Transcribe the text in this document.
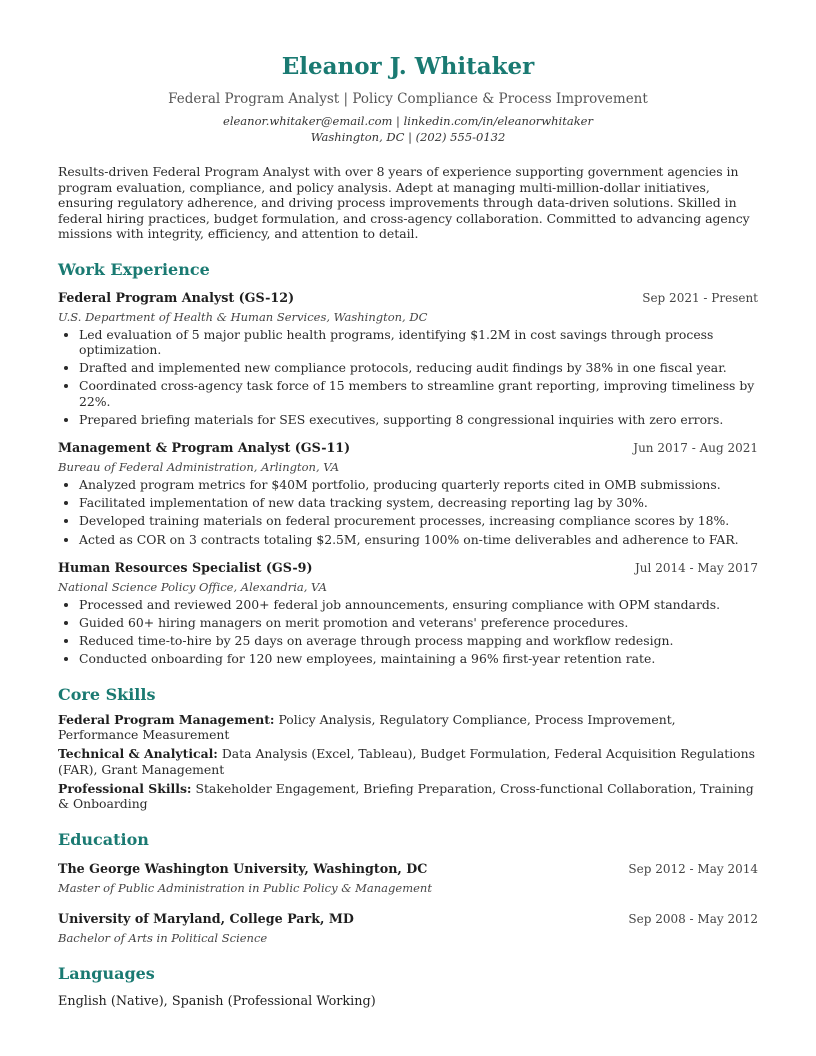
Eleanor J. Whitaker
Federal Program Analyst | Policy Compliance & Process Improvement
eleanor.whitaker@email.com | linkedin.com/in/eleanorwhitaker
Washington, DC | (202) 555-0132
Results-driven Federal Program Analyst with over 8 years of experience supporting government agencies in program evaluation, compliance, and policy analysis. Adept at managing multi-million-dollar initiatives, ensuring regulatory adherence, and driving process improvements through data-driven solutions. Skilled in federal hiring practices, budget formulation, and cross-agency collaboration. Committed to advancing agency missions with integrity, efficiency, and attention to detail.
Work Experience
Federal Program Analyst (GS-12)	Sep 2021 - Present
U.S. Department of Health & Human Services, Washington, DC
• Led evaluation of 5 major public health programs, identifying $1.2M in cost savings through process optimization.
• Drafted and implemented new compliance protocols, reducing audit findings by 38% in one fiscal year.
• Coordinated cross-agency task force of 15 members to streamline grant reporting, improving timeliness by 22%.
• Prepared briefing materials for SES executives, supporting 8 congressional inquiries with zero errors.
Management & Program Analyst (GS-11)	Jun 2017 - Aug 2021
Bureau of Federal Administration, Arlington, VA
• Analyzed program metrics for $40M portfolio, producing quarterly reports cited in OMB submissions.
• Facilitated implementation of new data tracking system, decreasing reporting lag by 30%.
• Developed training materials on federal procurement processes, increasing compliance scores by 18%.
• Acted as COR on 3 contracts totaling $2.5M, ensuring 100% on-time deliverables and adherence to FAR.
Human Resources Specialist (GS-9)	Jul 2014 - May 2017
National Science Policy Office, Alexandria, VA
• Processed and reviewed 200+ federal job announcements, ensuring compliance with OPM standards.
• Guided 60+ hiring managers on merit promotion and veterans' preference procedures.
• Reduced time-to-hire by 25 days on average through process mapping and workflow redesign.
• Conducted onboarding for 120 new employees, maintaining a 96% first-year retention rate.
Core Skills
Federal Program Management: Policy Analysis, Regulatory Compliance, Process Improvement, Performance Measurement
Technical & Analytical: Data Analysis (Excel, Tableau), Budget Formulation, Federal Acquisition Regulations (FAR), Grant Management
Professional Skills: Stakeholder Engagement, Briefing Preparation, Cross-functional Collaboration, Training & Onboarding
Education
The George Washington University, Washington, DC	Sep 2012 - May 2014
Master of Public Administration in Public Policy & Management
University of Maryland, College Park, MD	Sep 2008 - May 2012
Bachelor of Arts in Political Science
Languages
English (Native), Spanish (Professional Working)
